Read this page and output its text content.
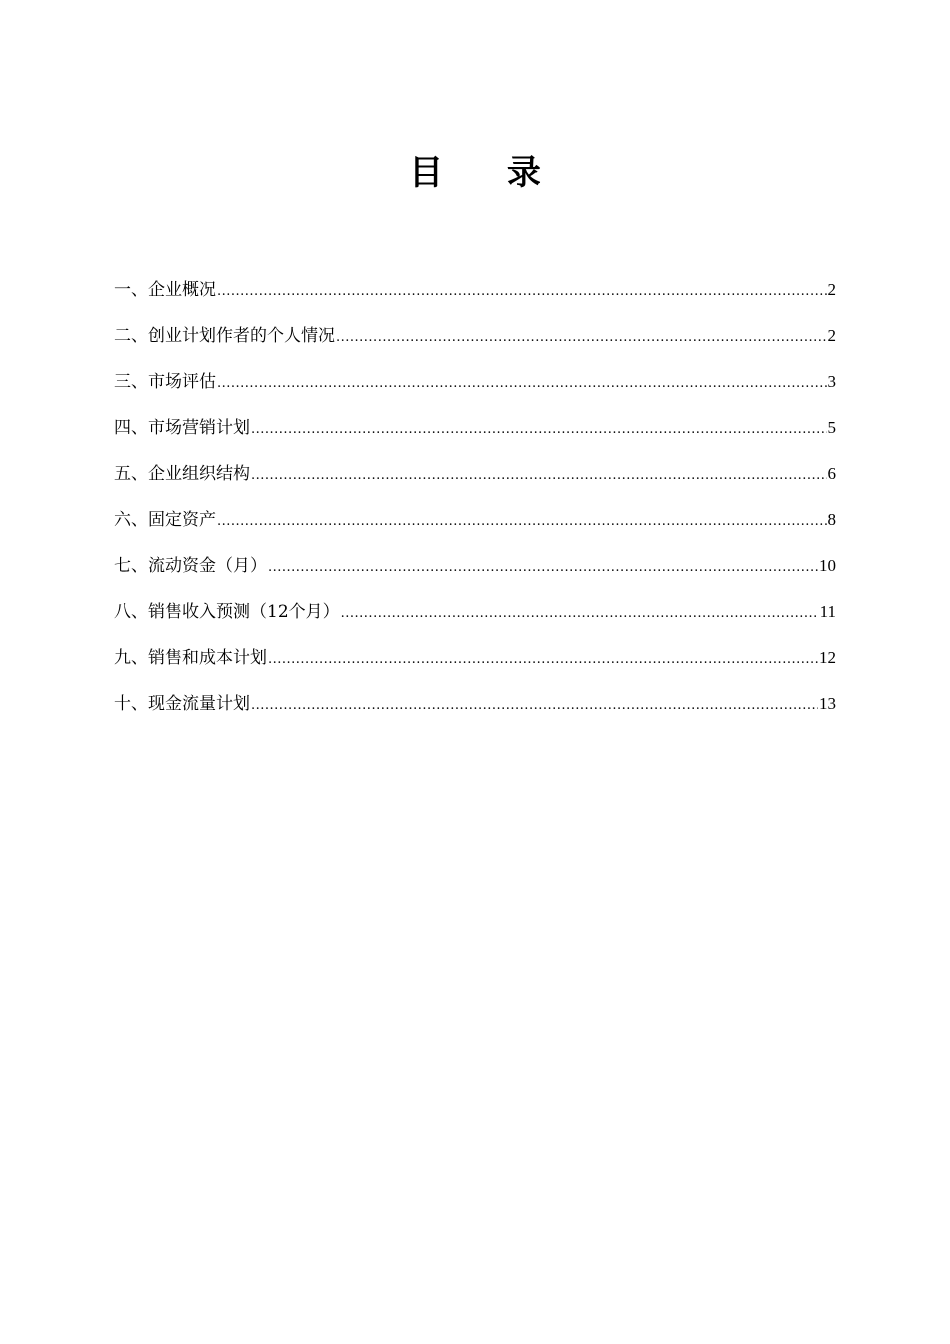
目 录
一、企业概况 .....	2
二、创业计划作者的个人情况 .....	2
三、市场评估 .....	3
四、市场营销计划 .....	5
五、企业组织结构 .....	6
六、固定资产 .....	8
七、流动资金（月） .....	10
八、销售收入预测（12个月） .....	11
九、销售和成本计划 .....	12
十、现金流量计划 .....	13
